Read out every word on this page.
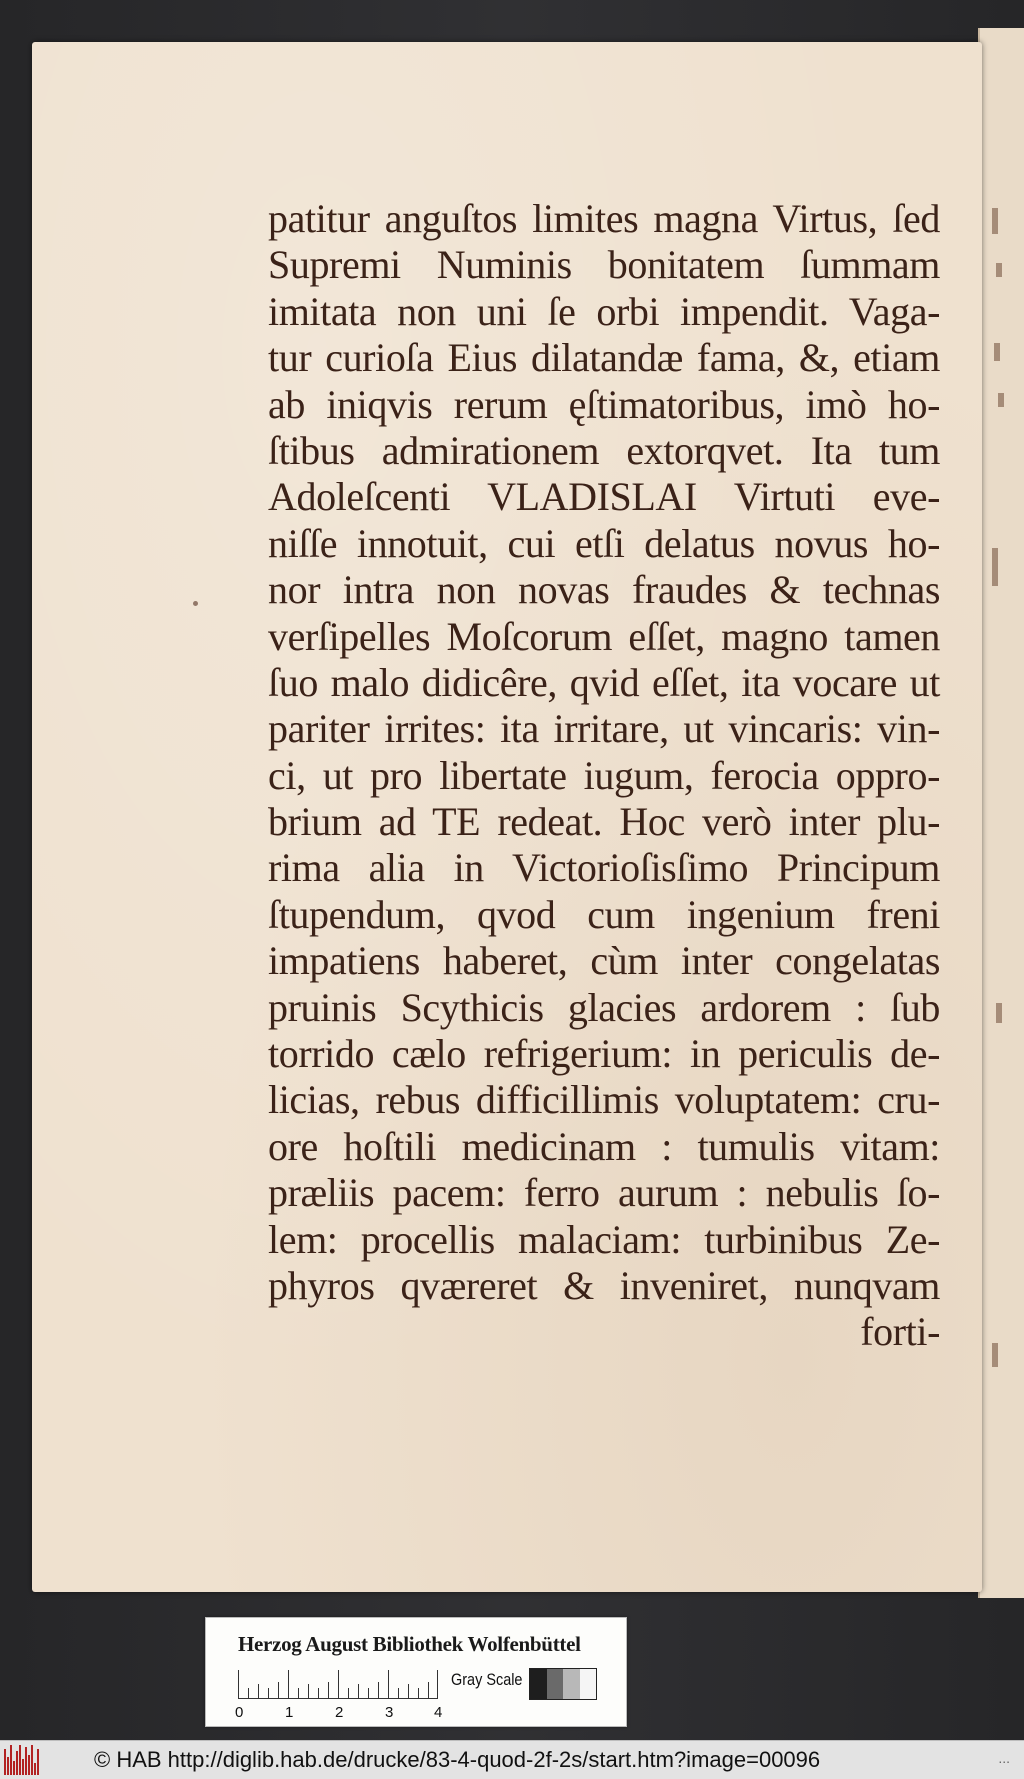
patitur anguſtos limites magna Virtus, ſed
Supremi Numinis bonitatem ſummam
imitata non uni ſe orbi impendit. Vaga-
tur curioſa Eius dilatandæ fama, &, etiam
ab iniqvis rerum ęſtimatoribus, imò ho-
ſtibus admirationem extorqvet. Ita tum
Adoleſcenti VLADISLAI Virtuti eve-
niſſe innotuit, cui etſi delatus novus ho-
nor intra non novas fraudes & technas
verſipelles Moſcorum eſſet, magno tamen
ſuo malo didicêre, qvid eſſet, ita vocare ut
pariter irrites: ita irritare, ut vincaris: vin-
ci, ut pro libertate iugum, ferocia oppro-
brium ad TE redeat. Hoc verò inter plu-
rima alia in Victorioſisſimo Principum
ſtupendum, qvod cum ingenium freni
impatiens haberet, cùm inter congelatas
pruinis Scythicis glacies ardorem : ſub
torrido cælo refrigerium: in periculis de-
licias, rebus difficillimis voluptatem: cru-
ore hoſtili medicinam : tumulis vitam:
præliis pacem: ferro aurum : nebulis ſo-
lem: procellis malaciam: turbinibus Ze-
phyros qværeret & inveniret, nunqvam
forti-
Herzog August Bibliothek Wolfenbüttel
0	1	2	3	4
Gray Scale
© HAB http://diglib.hab.de/drucke/83-4-quod-2f-2s/start.htm?image=00096	...
